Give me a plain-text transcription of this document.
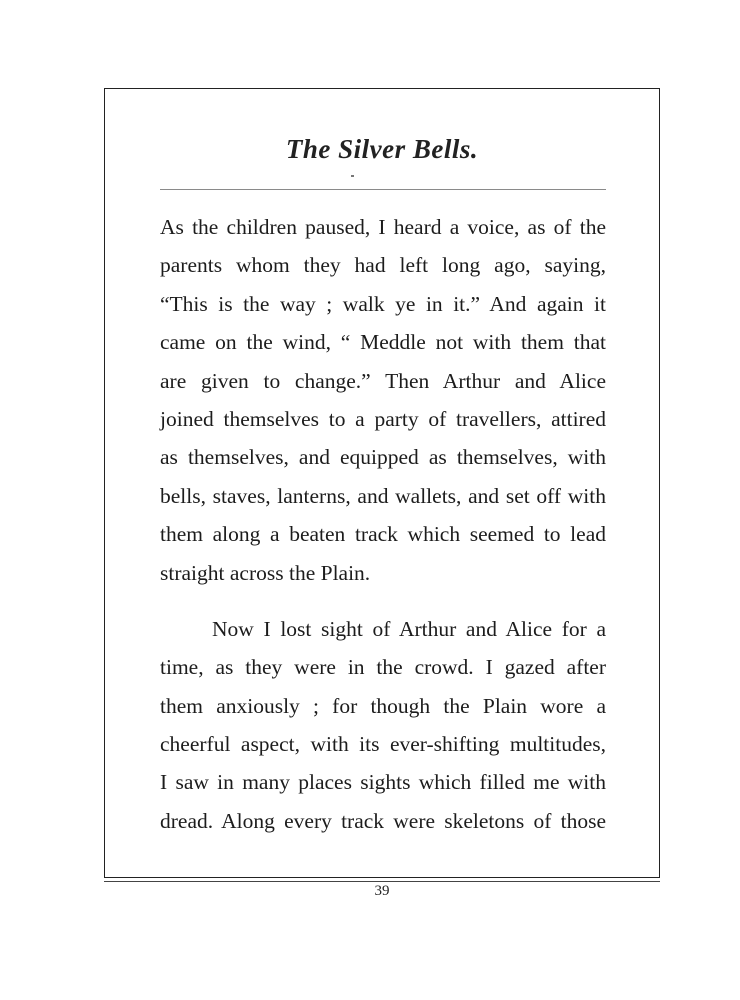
The Silver Bells.
As the children paused, I heard a voice, as of the
parents whom they had left long ago, saying,
“This is the way ; walk ye in it.” And again it
came on the wind, “ Meddle not with them that
are given to change.” Then Arthur and Alice
joined themselves to a party of travellers, attired
as themselves, and equipped as themselves, with
bells, staves, lanterns, and wallets, and set off with
them along a beaten track which seemed to lead
straight across the Plain.
Now I lost sight of Arthur and Alice for a
time, as they were in the crowd. I gazed after
them anxiously ; for though the Plain wore a
cheerful aspect, with its ever-shifting multitudes,
I saw in many places sights which filled me with
dread. Along every track were skeletons of those
39
